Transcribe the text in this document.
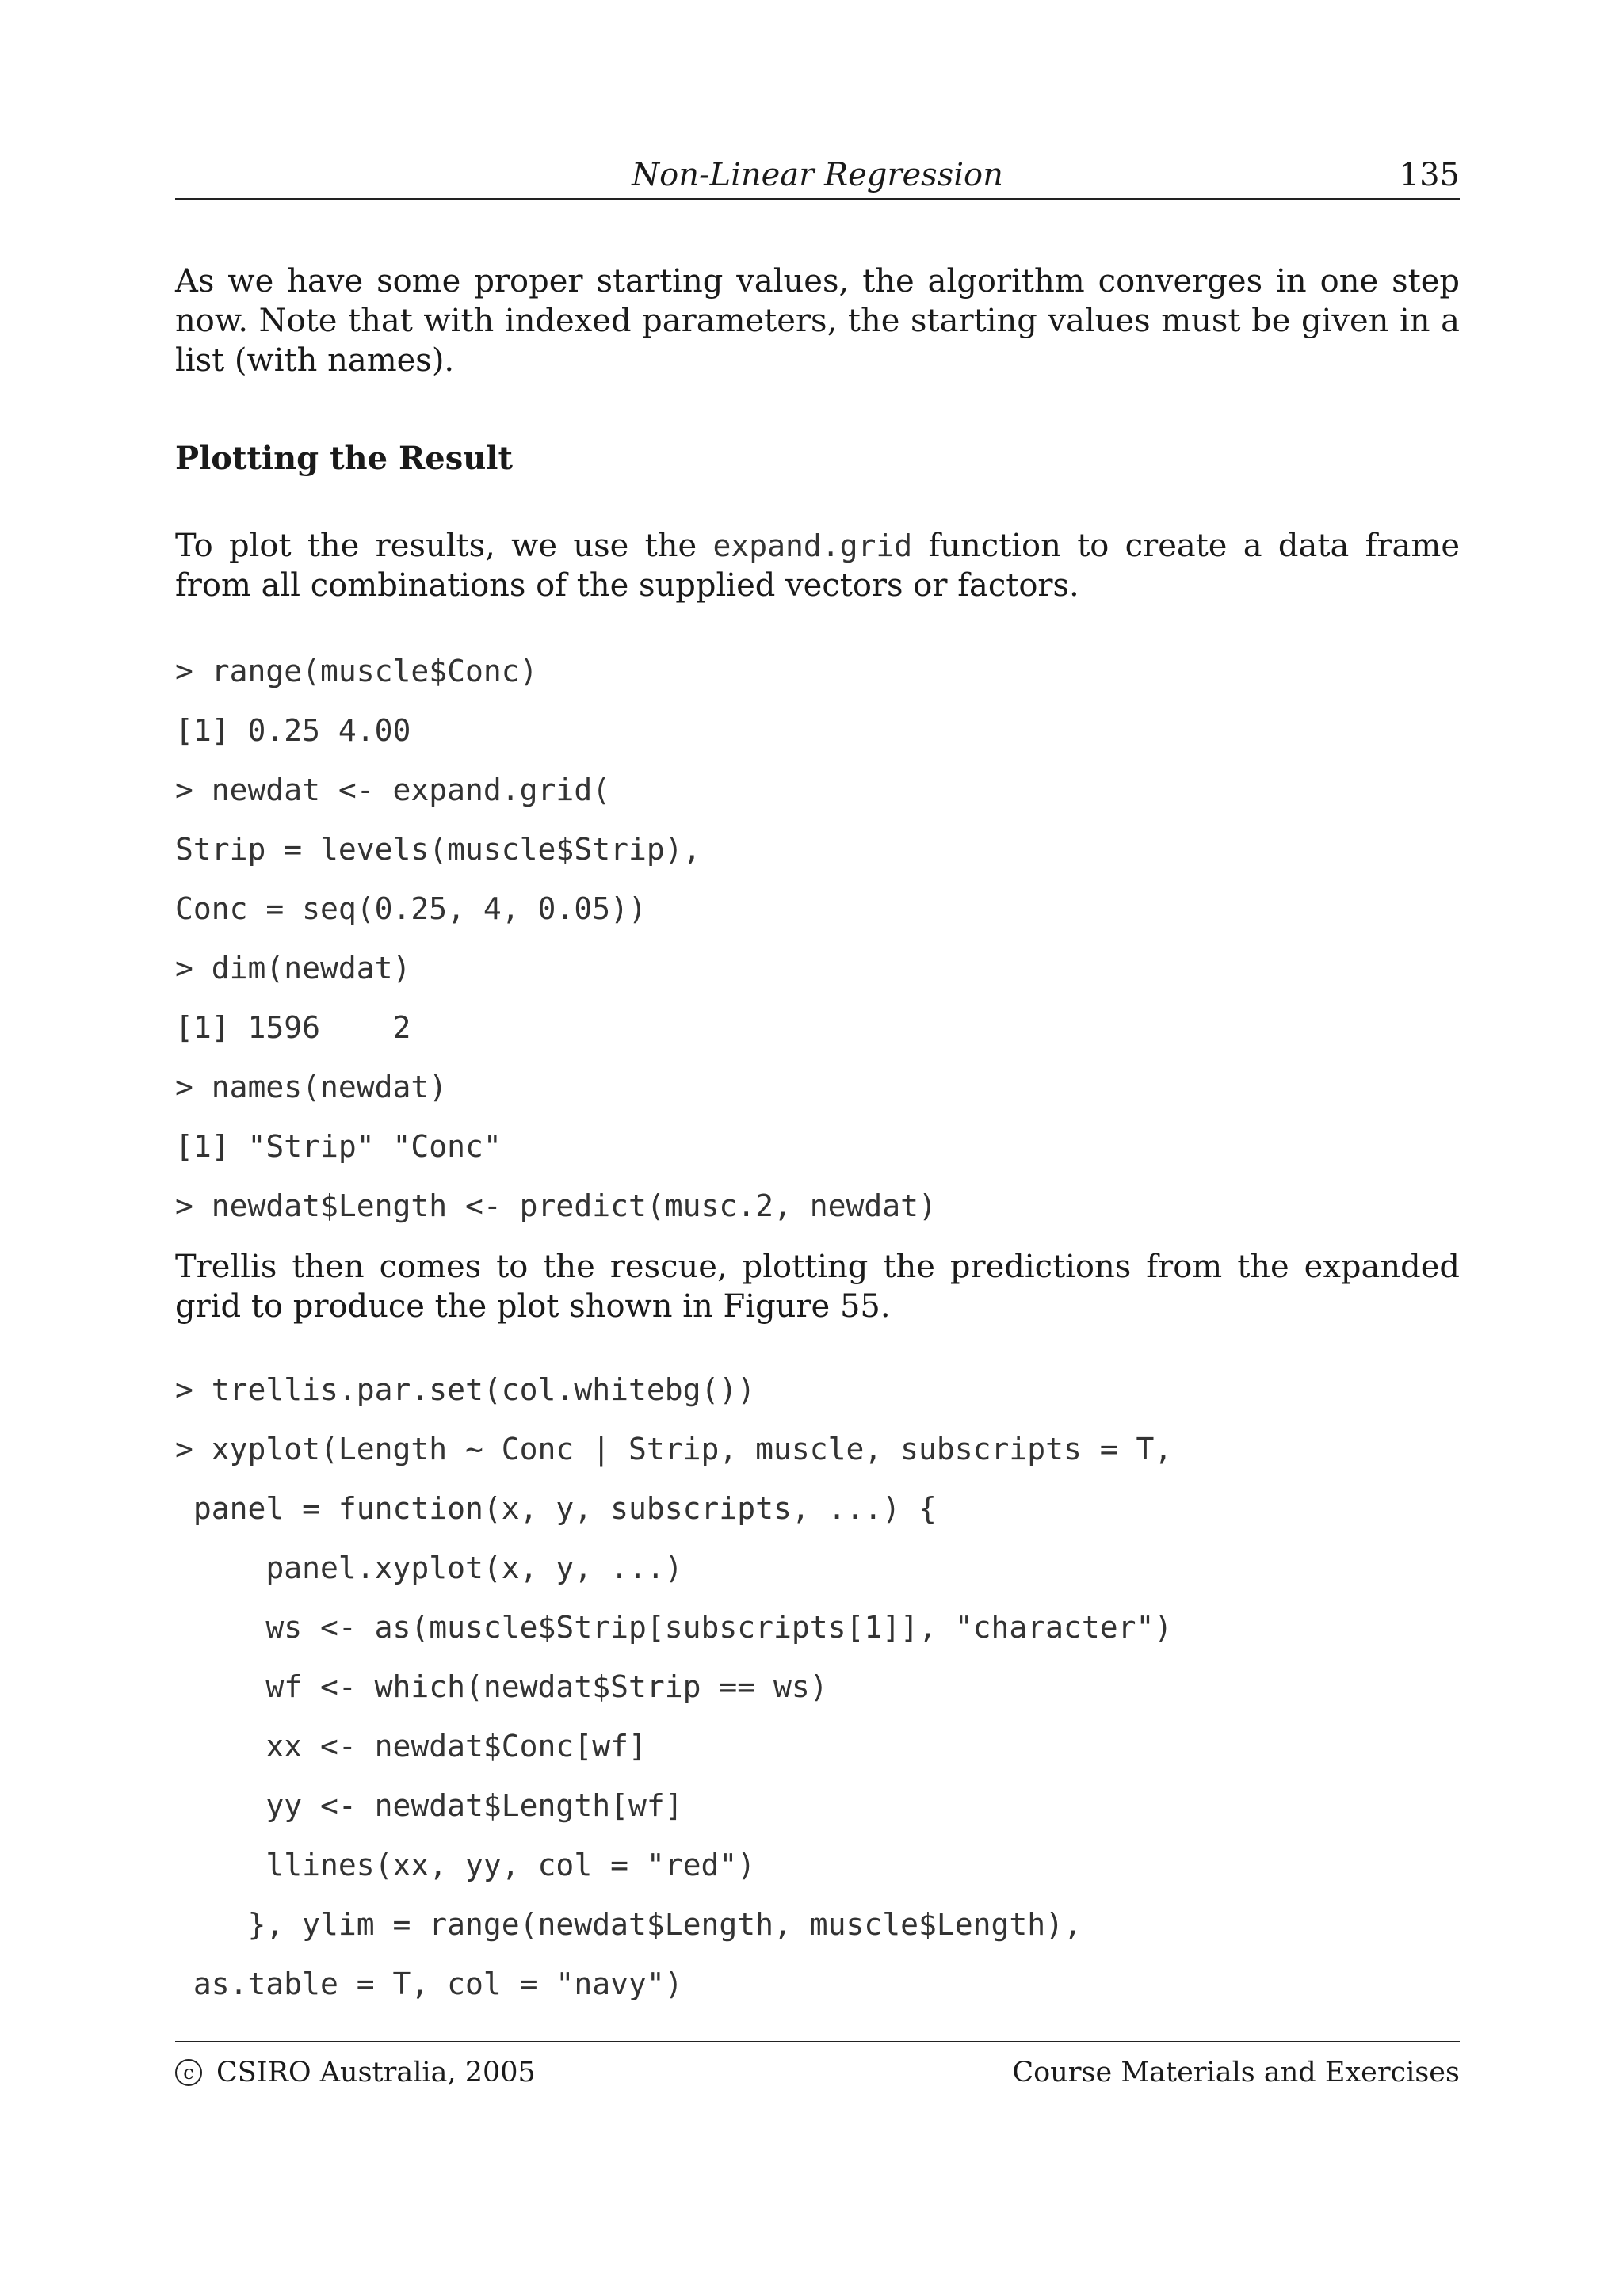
Non-Linear Regression	135

As we have some proper starting values, the algorithm converges in one step now. Note that with indexed parameters, the starting values must be given in a list (with names).

Plotting the Result

To plot the results, we use the expand.grid function to create a data frame from all combinations of the supplied vectors or factors.

> range(muscle$Conc)
[1] 0.25 4.00
> newdat <- expand.grid(
Strip = levels(muscle$Strip),
Conc = seq(0.25, 4, 0.05))
> dim(newdat)
[1] 1596    2
> names(newdat)
[1] "Strip" "Conc"
> newdat$Length <- predict(musc.2, newdat)

Trellis then comes to the rescue, plotting the predictions from the expanded grid to produce the plot shown in Figure 55.

> trellis.par.set(col.whitebg())
> xyplot(Length ~ Conc | Strip, muscle, subscripts = T,
panel = function(x, y, subscripts, ...) {
panel.xyplot(x, y, ...)
ws <- as(muscle$Strip[subscripts[1]], "character")
wf <- which(newdat$Strip == ws)
xx <- newdat$Conc[wf]
yy <- newdat$Length[wf]
llines(xx, yy, col = "red")
}, ylim = range(newdat$Length, muscle$Length),
as.table = T, col = "navy")
c CSIRO Australia, 2005	Course Materials and Exercises
